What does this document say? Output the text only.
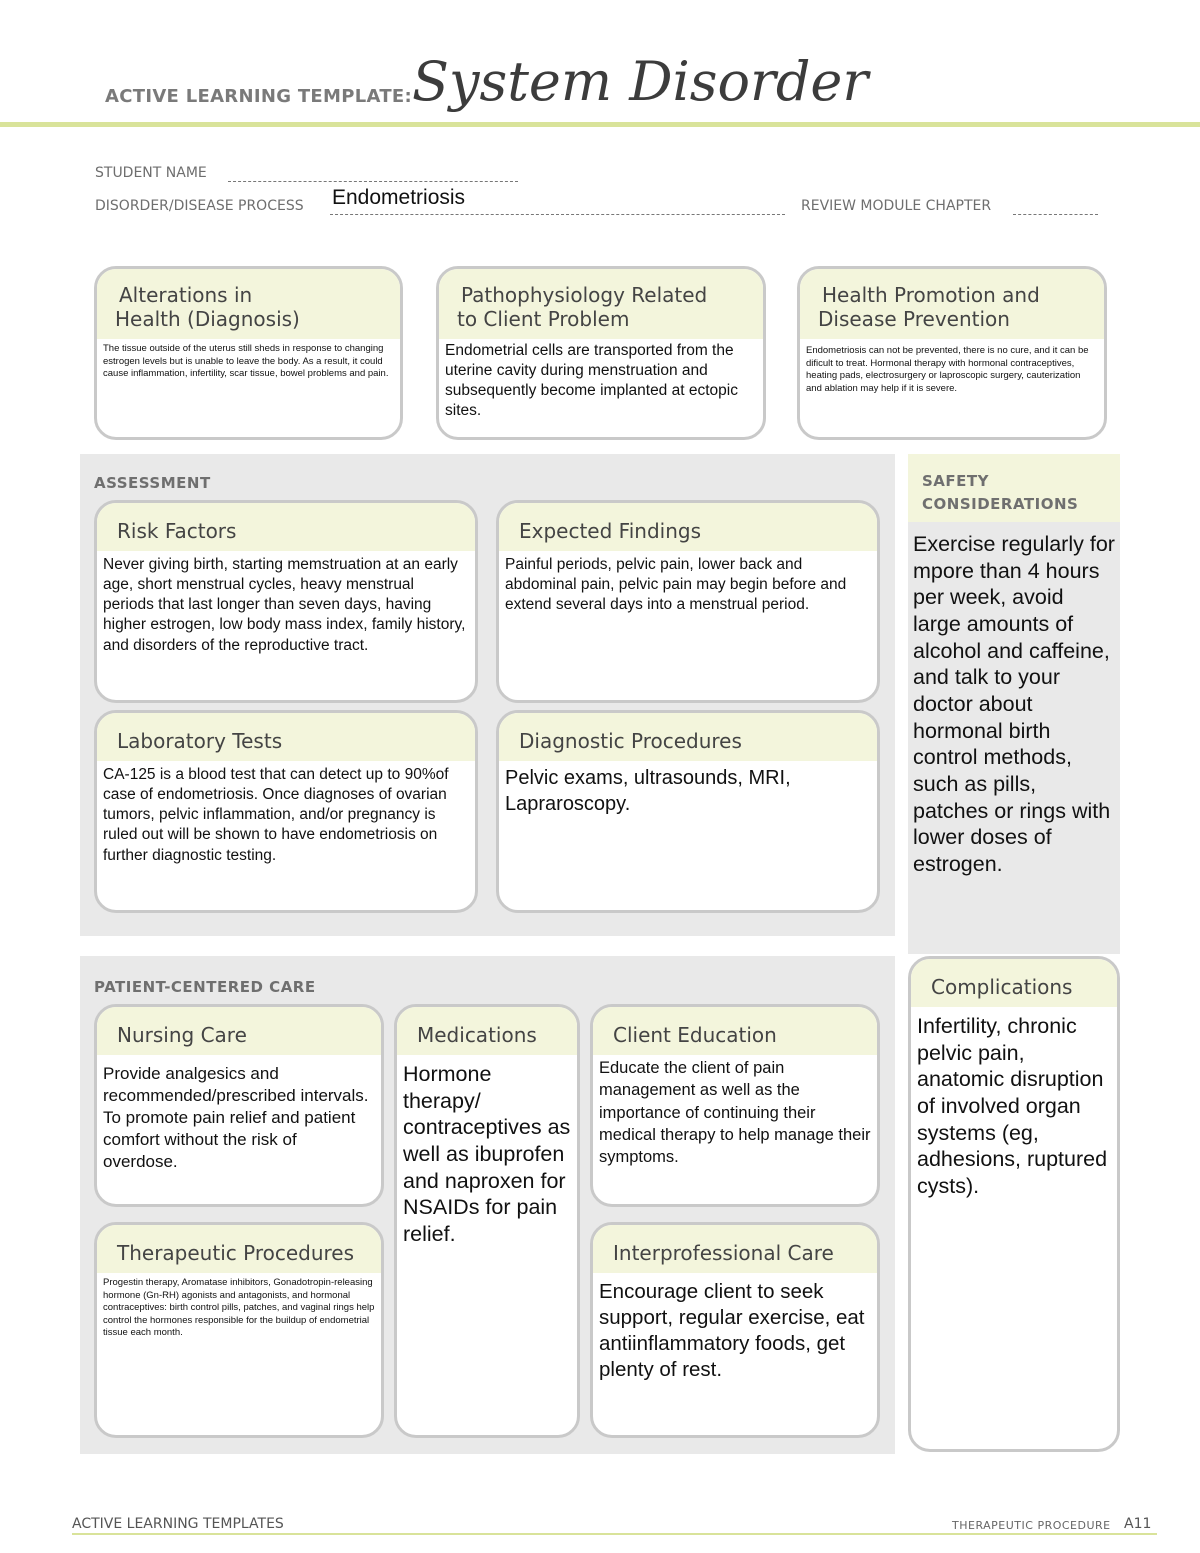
ACTIVE LEARNING TEMPLATE: System Disorder
STUDENT NAME
DISORDER/DISEASE PROCESS Endometriosis	REVIEW MODULE CHAPTER
Alterations in
Health (Diagnosis)
The tissue outside of the uterus still sheds in response to changing estrogen levels but is unable to leave the body. As a result, it could cause inflammation, infertility, scar tissue, bowel problems and pain.
Pathophysiology Related
to Client Problem
Endometrial cells are transported from the uterine cavity during menstruation and subsequently become implanted at ectopic sites.
Health Promotion and
Disease Prevention
Endometriosis can not be prevented, there is no cure, and it can be dificult to treat. Hormonal therapy with hormonal contraceptives, heating pads, electrosurgery or laproscopic surgery, cauterization and ablation may help if it is severe.
ASSESSMENT
Risk Factors
Never giving birth, starting memstruation at an early age, short menstrual cycles, heavy menstrual periods that last longer than seven days, having higher estrogen, low body mass index, family history, and disorders of the reproductive tract.
Expected Findings
Painful periods, pelvic pain, lower back and abdominal pain, pelvic pain may begin before and extend several days into a menstrual period.
Laboratory Tests
CA-125 is a blood test that can detect up to 90%of case of endometriosis. Once diagnoses of ovarian tumors, pelvic inflammation, and/or pregnancy is ruled out will be shown to have endometriosis on further diagnostic testing.
Diagnostic Procedures
Pelvic exams, ultrasounds, MRI, Lapraroscopy.
SAFETY
CONSIDERATIONS
Exercise regularly for mpore than 4 hours per week, avoid large amounts of alcohol and caffeine, and talk to your doctor about hormonal birth control methods, such as pills, patches or rings with lower doses of estrogen.
PATIENT-CENTERED CARE
Nursing Care
Provide analgesics and recommended/prescribed intervals. To promote pain relief and patient comfort without the risk of overdose.
Medications
Hormone therapy/ contraceptives as well as ibuprofen and naproxen for NSAIDs for pain relief.
Client Education
Educate the client of pain management as well as the importance of continuing their medical therapy to help manage their symptoms.
Therapeutic Procedures
Progestin therapy, Aromatase inhibitors, Gonadotropin-releasing hormone (Gn-RH) agonists and antagonists, and hormonal contraceptives: birth control pills, patches, and vaginal rings help control the hormones responsible for the buildup of endometrial tissue each month.
Interprofessional Care
Encourage client to seek support, regular exercise, eat antiinflammatory foods, get plenty of rest.
Complications
Infertility, chronic pelvic pain, anatomic disruption of involved organ systems (eg, adhesions, ruptured cysts).
ACTIVE LEARNING TEMPLATES	THERAPEUTIC PROCEDURE A11
